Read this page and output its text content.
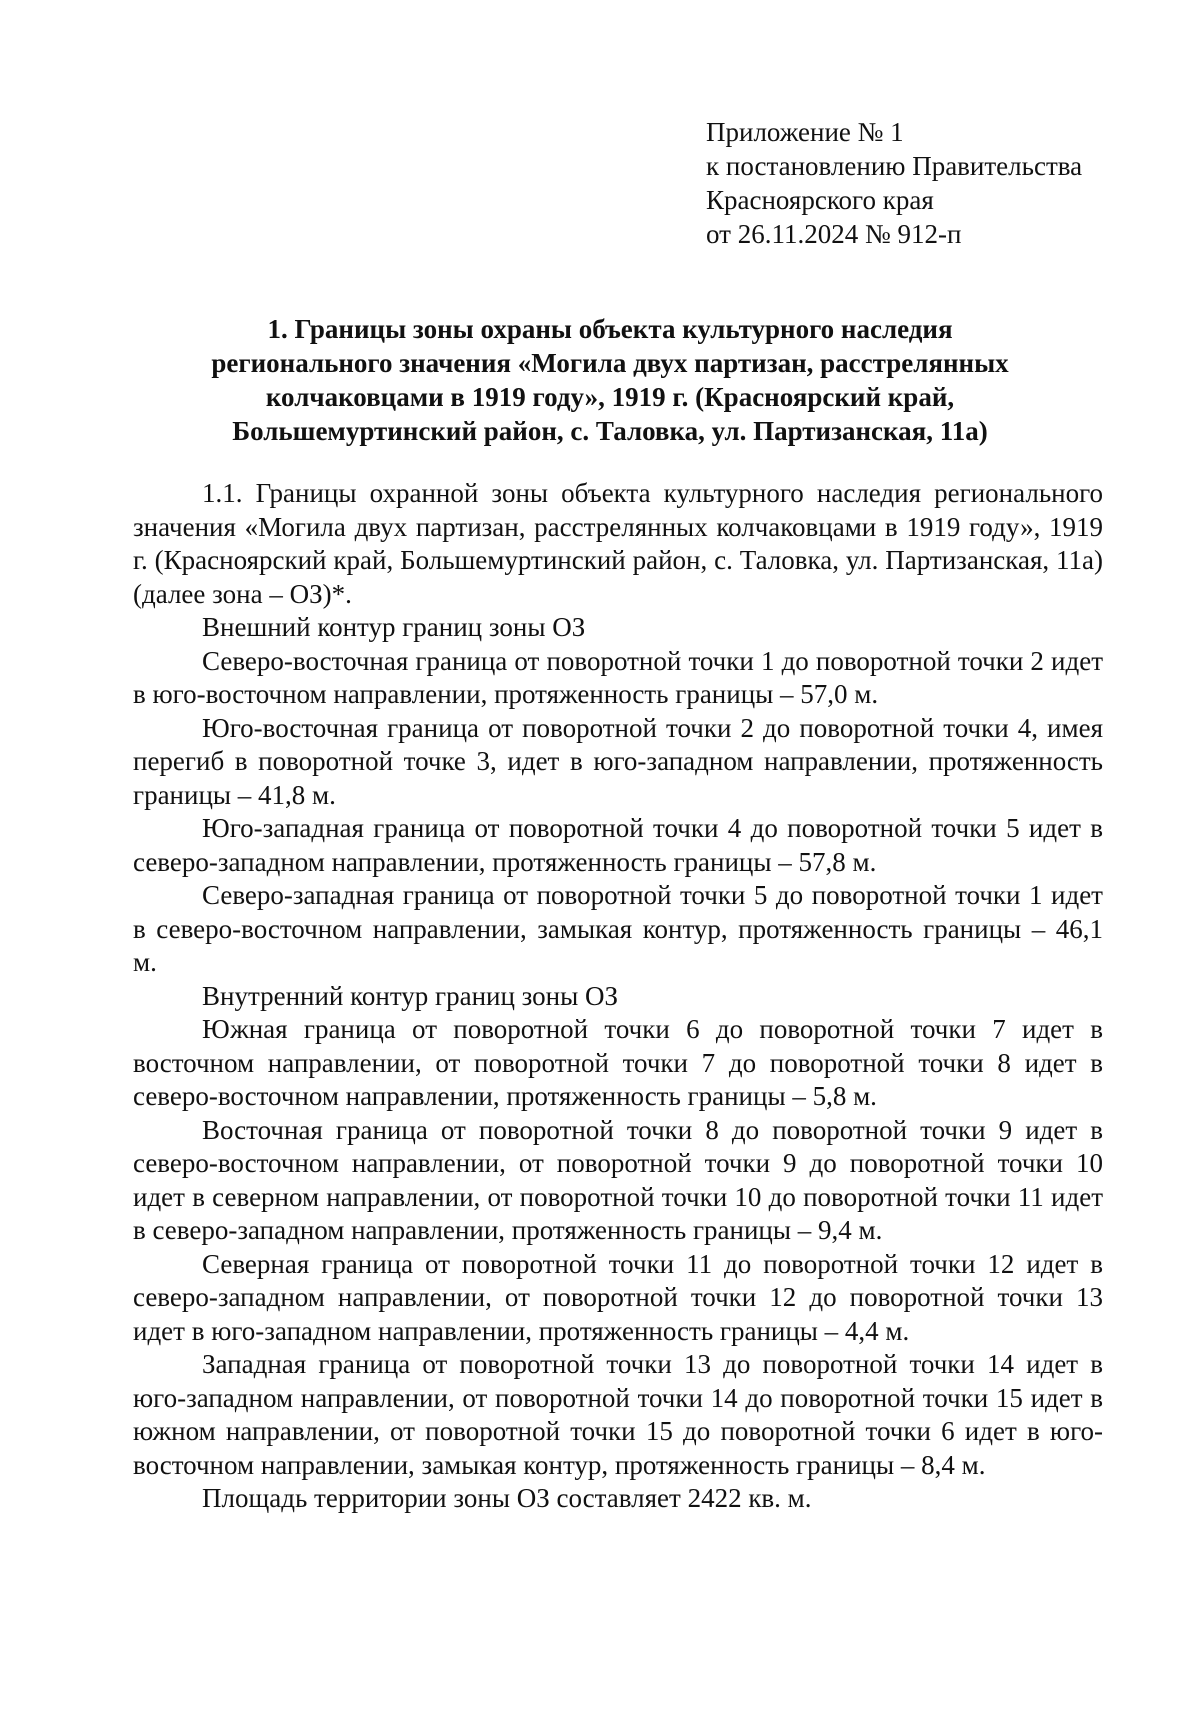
Приложение № 1
к постановлению Правительства
Красноярского края
от 26.11.2024 № 912-п
1. Границы зоны охраны объекта культурного наследия
регионального значения «Могила двух партизан, расстрелянных
колчаковцами в 1919 году», 1919 г. (Красноярский край,
Большемуртинский район, с. Таловка, ул. Партизанская, 11а)

1.1. Границы охранной зоны объекта культурного наследия регионального значения «Могила двух партизан, расстрелянных колчаковцами в 1919 году», 1919 г. (Красноярский край, Большемуртинский район, с. Таловка, ул. Партизанская, 11а) (далее зона – ОЗ)*.

Внешний контур границ зоны ОЗ

Северо-восточная граница от поворотной точки 1 до поворотной точки 2 идет в юго-восточном направлении, протяженность границы – 57,0 м.

Юго-восточная граница от поворотной точки 2 до поворотной точки 4, имея перегиб в поворотной точке 3, идет в юго-западном направлении, протяженность границы – 41,8 м.

Юго-западная граница от поворотной точки 4 до поворотной точки 5 идет в северо-западном направлении, протяженность границы – 57,8 м.

Северо-западная граница от поворотной точки 5 до поворотной точки 1 идет в северо-восточном направлении, замыкая контур, протяженность границы – 46,1 м.

Внутренний контур границ зоны ОЗ

Южная граница от поворотной точки 6 до поворотной точки 7 идет в восточном направлении, от поворотной точки 7 до поворотной точки 8 идет в северо-восточном направлении, протяженность границы – 5,8 м.

Восточная граница от поворотной точки 8 до поворотной точки 9 идет в северо-восточном направлении, от поворотной точки 9 до поворотной точки 10 идет в северном направлении, от поворотной точки 10 до поворотной точки 11 идет в северо-западном направлении, протяженность границы – 9,4 м.

Северная граница от поворотной точки 11 до поворотной точки 12 идет в северо-западном направлении, от поворотной точки 12 до поворотной точки 13 идет в юго-западном направлении, протяженность границы – 4,4 м.

Западная граница от поворотной точки 13 до поворотной точки 14 идет в юго-западном направлении, от поворотной точки 14 до поворотной точки 15 идет в южном направлении, от поворотной точки 15 до поворотной точки 6 идет в юго-восточном направлении, замыкая контур, протяженность границы – 8,4 м.

Площадь территории зоны ОЗ составляет 2422 кв. м.
